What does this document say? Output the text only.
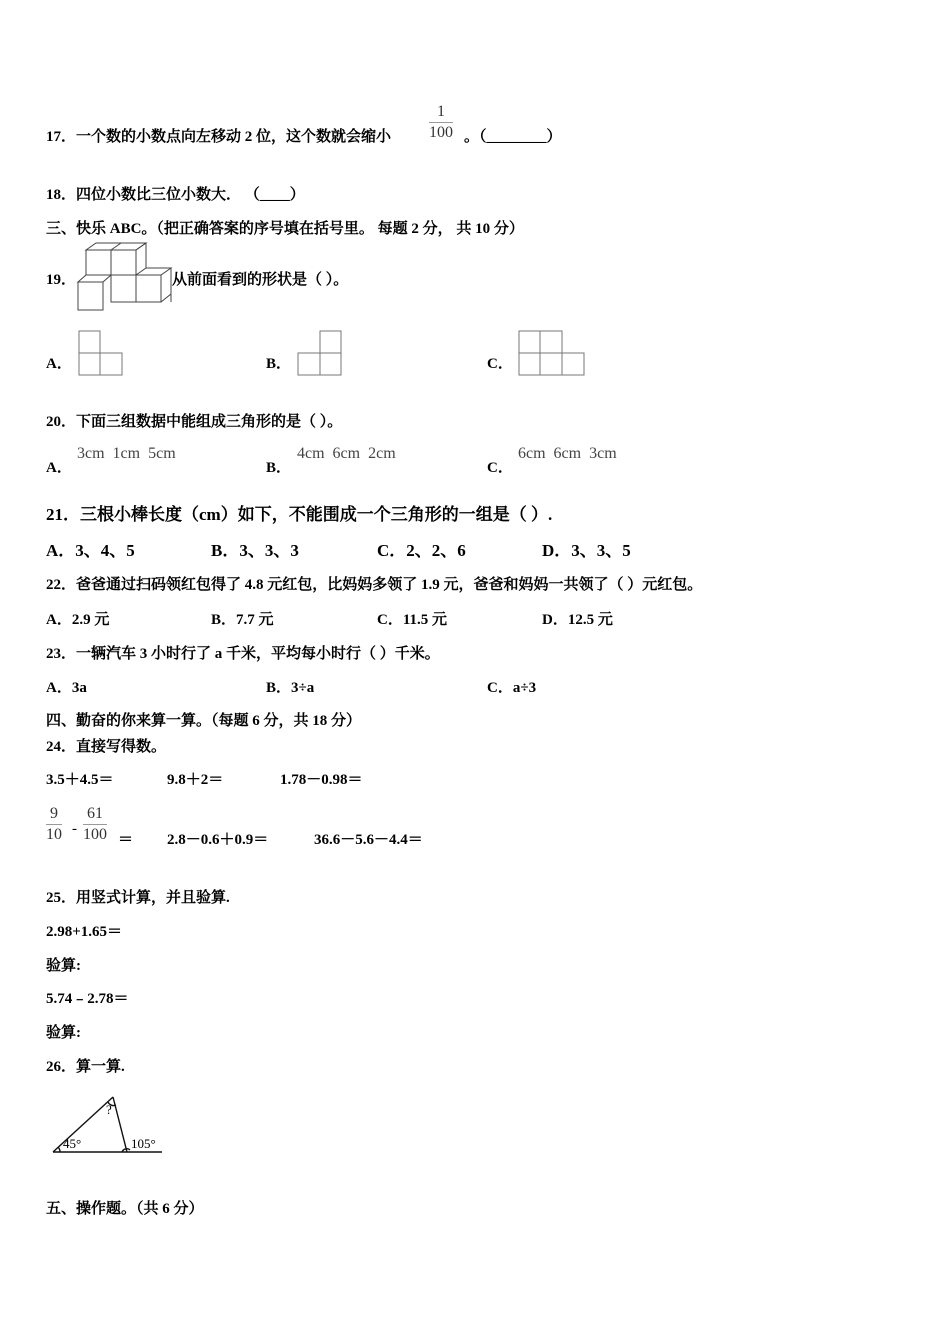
17．一个数的小数点向左移动 2 位，这个数就会缩小 $\frac{1}{100}$ 。（________）
18．四位小数比三位小数大． （____）
三、快乐 ABC。（把正确答案的序号填在括号里。 每题 2 分， 共 10 分）
19．	从前面看到的形状是（ ）。
A．	B．	C．
20．下面三组数据中能组成三角形的是（ ）。
A．
3cm  1cm  5cm
B．
4cm  6cm  2cm
C．
6cm  6cm  3cm
21．三根小棒长度（cm）如下，不能围成一个三角形的一组是（ ）.
A．3、4、5	B．3、3、3	C．2、2、6	D．3、3、5
22．爸爸通过扫码领红包得了 4.8 元红包，比妈妈多领了 1.9 元，爸爸和妈妈一共领了（ ）元红包。
A．2.9 元	B．7.7 元	C．11.5 元	D．12.5 元
23．一辆汽车 3 小时行了 a 千米，平均每小时行（ ）千米。
A．3a	B．3÷a	C．a÷3
四、勤奋的你来算一算。（每题 6 分，共 18 分）
24．直接写得数。
3.5＋4.5＝	9.8＋2＝	1.78－0.98＝
$\frac{9}{10} - \frac{61}{100} = 2.8-0.6+0.9=$	36.6－5.6－4.4＝
25．用竖式计算，并且验算.
2.98+1.65＝
验算:
5.74﹣2.78＝
验算:
26．算一算.
45°	105°
?
五、操作题。（共 6 分）
